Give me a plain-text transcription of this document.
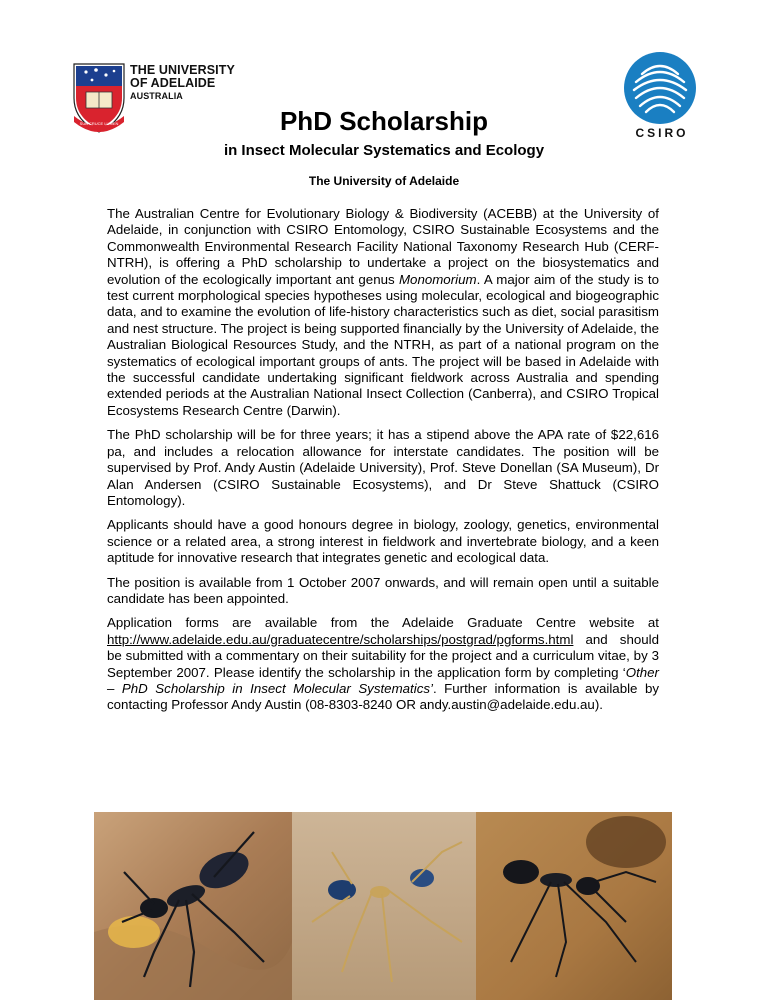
SUB CRUCE LUMEN
THE UNIVERSITY
OF ADELAIDE
AUSTRALIA
CSIRO
PhD Scholarship
in Insect Molecular Systematics and Ecology
The University of Adelaide

The Australian Centre for Evolutionary Biology & Biodiversity (ACEBB) at the University of Adelaide, in conjunction with CSIRO Entomology, CSIRO Sustainable Ecosystems and the Commonwealth Environmental Research Facility National Taxonomy Research Hub (CERF-NTRH), is offering a PhD scholarship to undertake a project on the biosystematics and evolution of the ecologically important ant genus Monomorium. A major aim of the study is to test current morphological species hypotheses using molecular, ecological and biogeographic data, and to examine the evolution of life-history characteristics such as diet, social parasitism and nest structure. The project is being supported financially by the University of Adelaide, the Australian Biological Resources Study, and the NTRH, as part of a national program on the systematics of ecological important groups of ants. The project will be based in Adelaide with the successful candidate undertaking significant fieldwork across Australia and spending extended periods at the Australian National Insect Collection (Canberra), and CSIRO Tropical Ecosystems Research Centre (Darwin).

The PhD scholarship will be for three years; it has a stipend above the APA rate of $22,616 pa, and includes a relocation allowance for interstate candidates. The position will be supervised by Prof. Andy Austin (Adelaide University), Prof. Steve Donellan (SA Museum), Dr Alan Andersen (CSIRO Sustainable Ecosystems), and Dr Steve Shattuck (CSIRO Entomology).

Applicants should have a good honours degree in biology, zoology, genetics, environmental science or a related area, a strong interest in fieldwork and invertebrate biology, and a keen aptitude for innovative research that integrates genetic and ecological data.

The position is available from 1 October 2007 onwards, and will remain open until a suitable candidate has been appointed.

Application forms are available from the Adelaide Graduate Centre website at http://www.adelaide.edu.au/graduatecentre/scholarships/postgrad/pgforms.html and should be submitted with a commentary on their suitability for the project and a curriculum vitae, by 3 September 2007. Please identify the scholarship in the application form by completing ‘Other – PhD Scholarship in Insect Molecular Systematics’. Further information is available by contacting Professor Andy Austin (08-8303-8240 OR andy.austin@adelaide.edu.au).
